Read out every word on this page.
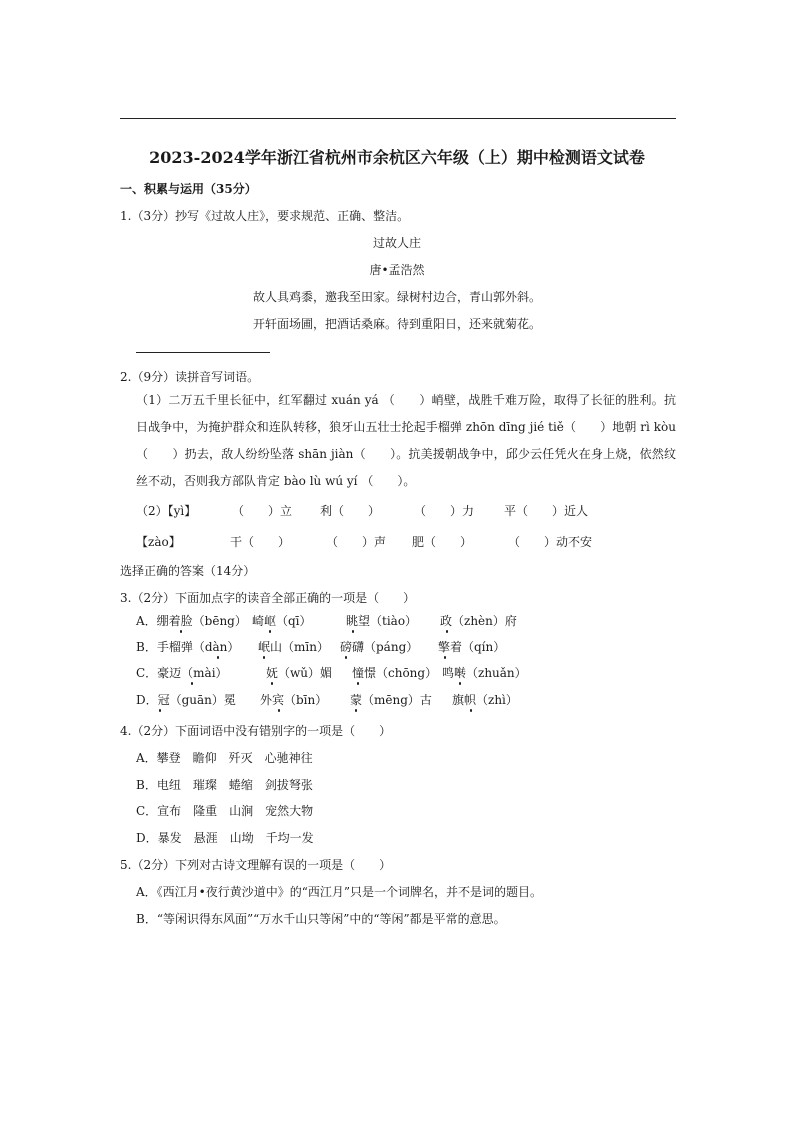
2023-2024学年浙江省杭州市余杭区六年级（上）期中检测语文试卷
一、积累与运用（35分）
1.（3分）抄写《过故人庄》，要求规范、正确、整洁。
过故人庄
唐•孟浩然
故人具鸡黍，邀我至田家。绿树村边合，青山郭外斜。
开轩面场圃，把酒话桑麻。待到重阳日，还来就菊花。
2.（9分）读拼音写词语。
（1）二万五千里长征中，红军翻过 xuán yá （　　）峭壁，战胜千难万险，取得了长征的胜利。抗日战争中，为掩护群众和连队转移，狼牙山五壮士抡起手榴弹 zhōn dīng jié tiě（　　）地朝 rì kòu（　　）扔去，敌人纷纷坠落 shān jiàn（　　）。抗美援朝战争中，邱少云任凭火在身上烧，依然纹丝不动，否则我方部队肯定 bào lù wú yí （　　）。
（2）【yì】	（　　）立 利（　　）	（　　）力 平（　　）近人
【zào】	干（　　）	（　　）声 肥（　　）	（　　）动不安
选择正确的答案（14分）
3.（2分）下面加点字的读音全部正确的一项是（　　）
A．绷着脸（bēng） 崎岖（qī）	眺望（tiào） 政（zhèn）府
B．手榴弹（dàn） 岷山（mīn） 磅礴（páng） 擎着（qín）
C．豪迈（mài）	妩（wǔ）媚 憧憬（chōng） 鸣啭（zhuǎn）
D．冠（guān）冕 外宾（bīn） 蒙（mēng）古 旗帜（zhì）
4.（2分）下面词语中没有错别字的一项是（　　）
A．攀登　瞻仰　歼灭　心驰神往
B．电纽　璀璨　蜷缩　剑拔弩张
C．宣布　隆重　山涧　宠然大物
D．暴发　悬涯　山坳　千均一发
5.（2分）下列对古诗文理解有误的一项是（　　）
A．《西江月•夜行黄沙道中》的“西江月”只是一个词牌名，并不是词的题目。
B．“等闲识得东风面”“万水千山只等闲”中的“等闲”都是平常的意思。
